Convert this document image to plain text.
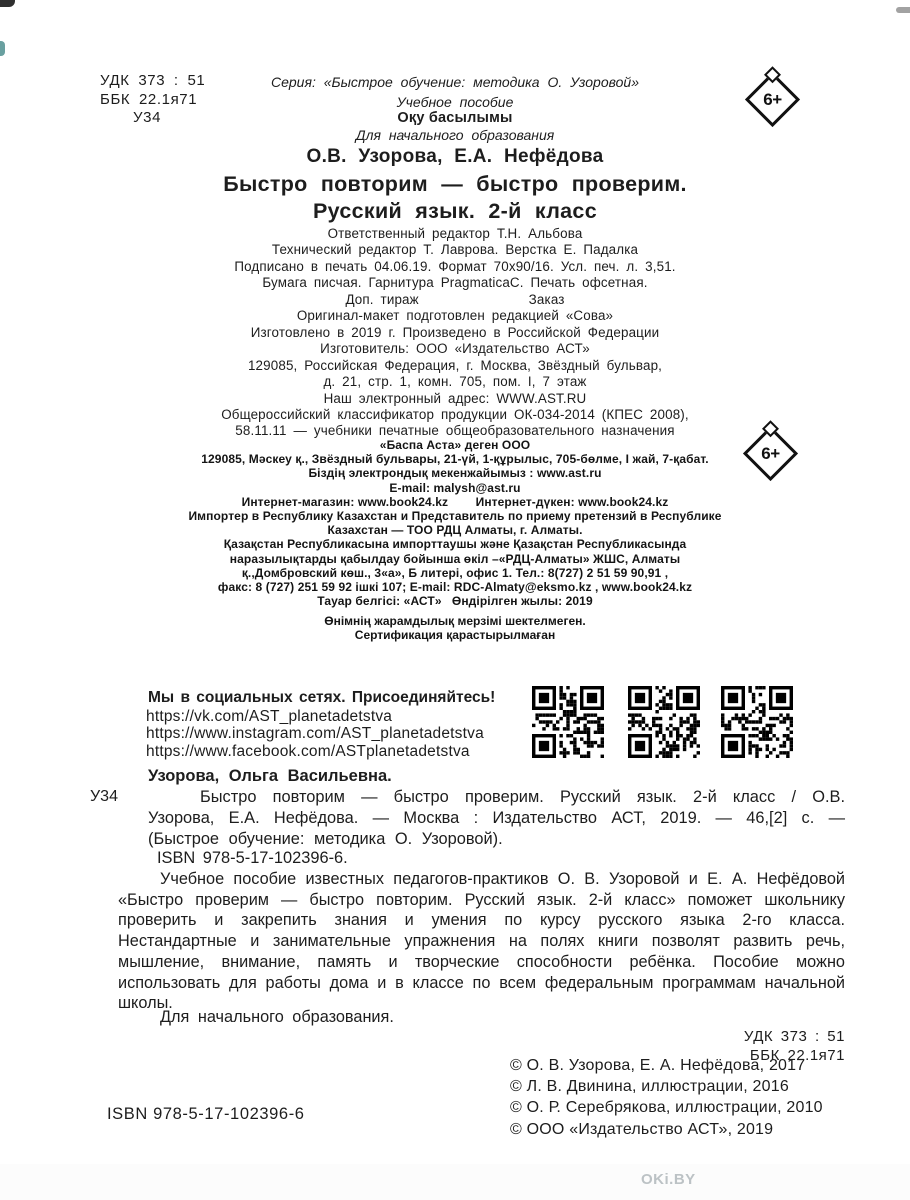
6+
6+
УДК 373 : 51
ББК 22.1я71
У34
Серия: «Быстрое обучение: методика О. Узоровой»
Учебное пособие
Оқу басылымы
Для начального образования
О.В. Узорова, Е.А. Нефёдова
Быстро повторим — быстро проверим.
Русский язык. 2-й класс
Ответственный редактор Т.Н. Альбова
Технический редактор Т. Лаврова. Верстка Е. Падалка
Подписано в печать 04.06.19. Формат 70x90/16. Усл. печ. л. 3,51.
Бумага писчая. Гарнитура PragmaticaC. Печать офсетная.
Доп. тираж                Заказ
Оригинал-макет подготовлен редакцией «Сова»
Изготовлено в 2019 г. Произведено в Российской Федерации
Изготовитель: ООО «Издательство АСТ»
129085, Российская Федерация, г. Москва, Звёздный бульвар,
д. 21, стр. 1, комн. 705, пом. I, 7 этаж
Наш электронный адрес: WWW.AST.RU
Общероссийский классификатор продукции ОК-034-2014 (КПЕС 2008),
58.11.11 — учебники печатные общеобразовательного назначения
«Баспа Аста» деген ООО
129085, Мәскеу қ., Звёздный бульвары, 21-үй, 1-құрылыс, 705-бөлме, I жай, 7-қабат.
Біздің электрондық мекенжайымыз : www.ast.ru
E-mail: malysh@ast.ru
Интернет-магазин: www.book24.kz        Интернет-дүкен: www.book24.kz
Импортер в Республику Казахстан и Представитель по приему претензий в Республике
Казахстан — ТОО РДЦ Алматы, г. Алматы.
Қазақстан Республикасына импорттаушы және Қазақстан Республикасында
наразылықтарды қабылдау бойынша өкіл –«РДЦ-Алматы» ЖШС, Алматы
қ.,Домбровский көш., 3«а», Б литері, офис 1. Тел.: 8(727) 2 51 59 90,91 ,
факс: 8 (727) 251 59 92 ішкі 107; E-mail: RDC-Almaty@eksmo.kz , www.book24.kz
Тауар белгісі: «АСТ»   Өндірілген жылы: 2019
Өнімнің жарамдылық мерзімі шектелмеген.
Сертификация қарастырылмаған
Мы в социальных сетях. Присоединяйтесь!
https://vk.com/AST_planetadetstva
https://www.instagram.com/AST_planetadetstva
https://www.facebook.com/ASTplanetadetstva
Узорова, Ольга Васильевна.
У34	Быстро повторим — быстро проверим. Русский язык. 2-й класс / О.В. Узорова, Е.А. Нефёдова. — Москва : Издательство АСТ, 2019. — 46,[2] с. — (Быстрое обучение: методика О. Узоровой).
ISBN 978-5-17-102396-6.
Учебное пособие известных педагогов-практиков О. В. Узоровой и Е. А. Нефёдовой «Быстро проверим — быстро повторим. Русский язык. 2-й класс» поможет школьнику проверить и закрепить знания и умения по курсу русского языка 2-го класса. Нестандартные и занимательные упражнения на полях книги позволят развить речь, мышление, внимание, память и творческие способности ребёнка. Пособие можно использовать для работы дома и в классе по всем федеральным программам начальной школы.
Для начального образования.
УДК 373 : 51
ББК 22.1я71
© О. В. Узорова, Е. А. Нефёдова, 2017
© Л. В. Двинина, иллюстрации, 2016
© О. Р. Серебрякова, иллюстрации, 2010
© ООО «Издательство АСТ», 2019
ISBN 978-5-17-102396-6
OKi.BY
